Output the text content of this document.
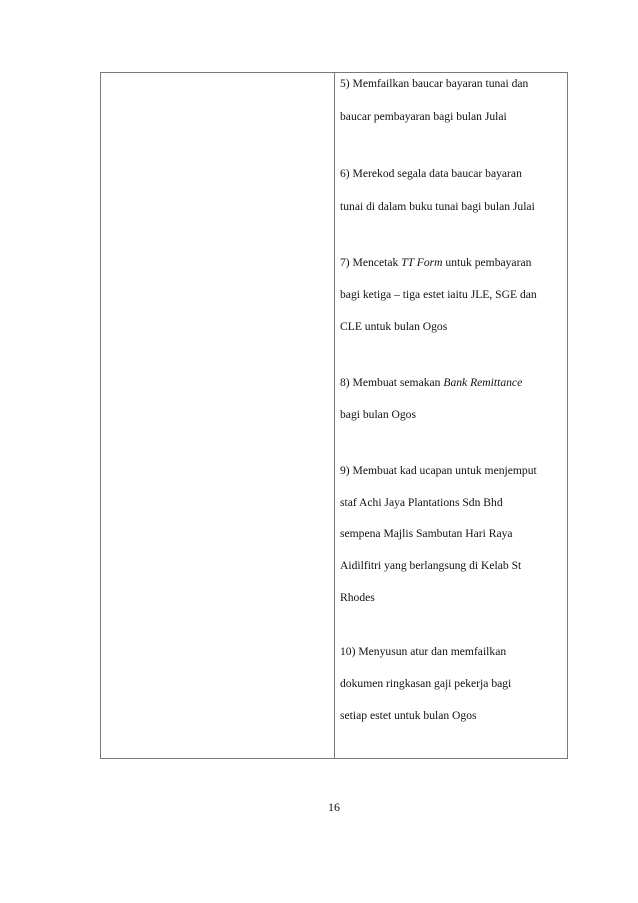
5) Memfailkan baucar bayaran tunai dan
baucar pembayaran bagi bulan Julai
6) Merekod segala data baucar bayaran
tunai di dalam buku tunai bagi bulan Julai
7) Mencetak TT Form untuk pembayaran
bagi ketiga – tiga estet iaitu JLE, SGE dan
CLE untuk bulan Ogos
8) Membuat semakan Bank Remittance
bagi bulan Ogos
9) Membuat kad ucapan untuk menjemput
staf Achi Jaya Plantations Sdn Bhd
sempena Majlis Sambutan Hari Raya
Aidilfitri yang berlangsung di Kelab St
Rhodes
10) Menyusun atur dan memfailkan
dokumen ringkasan gaji pekerja bagi
setiap estet untuk bulan Ogos
16
